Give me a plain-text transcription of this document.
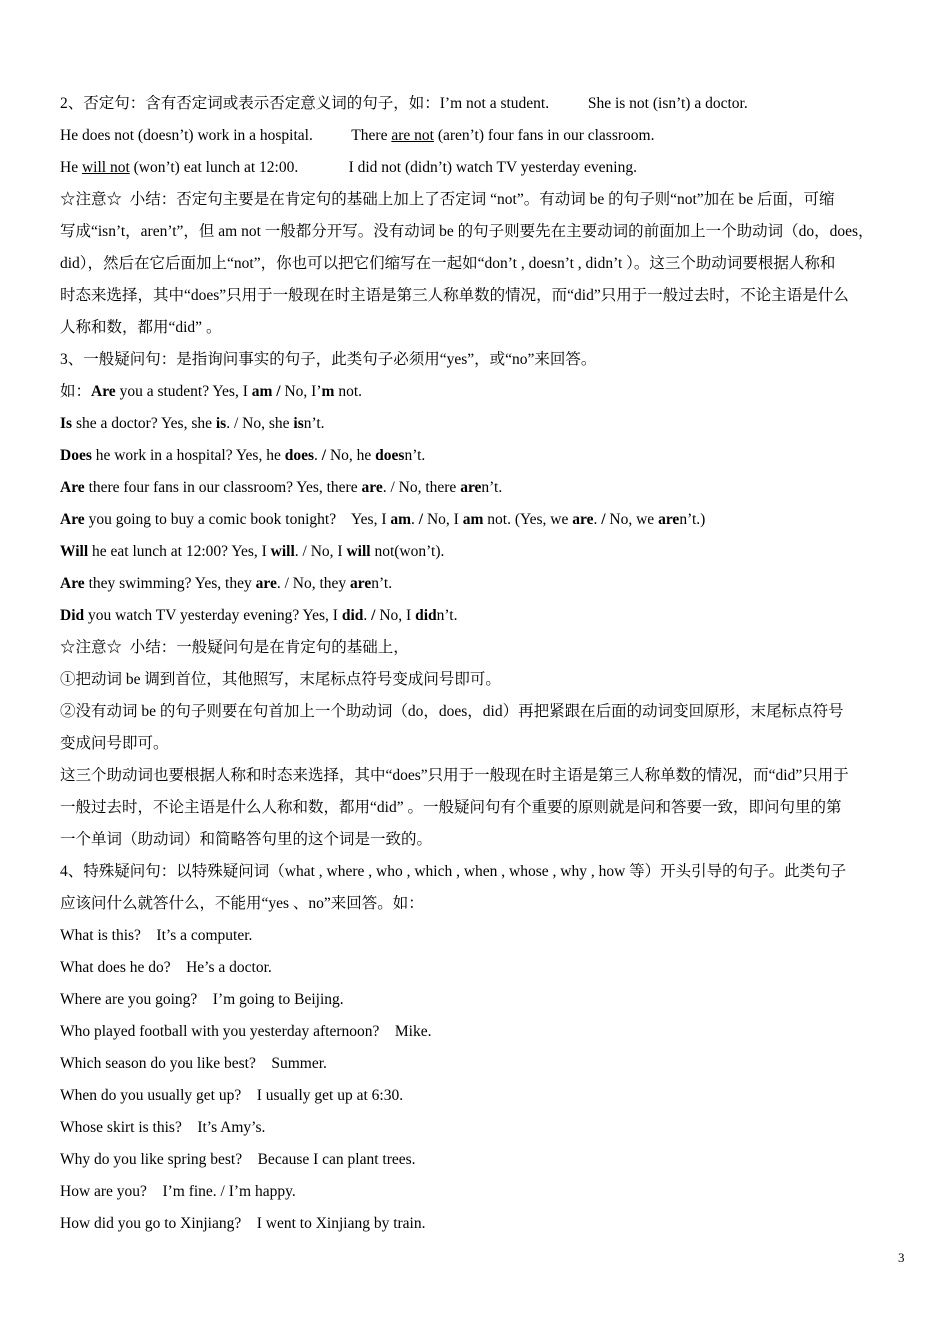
2、否定句：含有否定词或表示否定意义词的句子，如：I’m not a student.          She is not (isn’t) a doctor.

He does not (doesn’t) work in a hospital.          There are not (aren’t) four fans in our classroom.

He will not (won’t) eat lunch at 12:00.             I did not (didn’t) watch TV yesterday evening.

☆注意☆  小结：否定句主要是在肯定句的基础上加上了否定词 “not”。有动词 be 的句子则“not”加在 be 后面，可缩

写成“isn’t，aren’t”，但 am not 一般都分开写。没有动词 be 的句子则要先在主要动词的前面加上一个助动词（do，does，

did），然后在它后面加上“not”，你也可以把它们缩写在一起如“don’t , doesn’t , didn’t ）。这三个助动词要根据人称和

时态来选择，其中“does”只用于一般现在时主语是第三人称单数的情况，而“did”只用于一般过去时，不论主语是什么

人称和数，都用“did” 。

3、一般疑问句：是指询问事实的句子，此类句子必须用“yes”，或“no”来回答。

如：Are you a student? Yes, I am / No, I’m not.

Is she a doctor? Yes, she is. / No, she isn’t.

Does he work in a hospital? Yes, he does. / No, he doesn’t.

Are there four fans in our classroom? Yes, there are. / No, there aren’t.

Are you going to buy a comic book tonight?    Yes, I am. / No, I am not. (Yes, we are. / No, we aren’t.)

Will he eat lunch at 12:00? Yes, I will. / No, I will not(won’t).

Are they swimming? Yes, they are. / No, they aren’t.

Did you watch TV yesterday evening? Yes, I did. / No, I didn’t.

☆注意☆  小结：一般疑问句是在肯定句的基础上，

①把动词 be 调到首位，其他照写，末尾标点符号变成问号即可。

②没有动词 be 的句子则要在句首加上一个助动词（do，does，did）再把紧跟在后面的动词变回原形，末尾标点符号

变成问号即可。

这三个助动词也要根据人称和时态来选择，其中“does”只用于一般现在时主语是第三人称单数的情况，而“did”只用于

一般过去时，不论主语是什么人称和数，都用“did” 。一般疑问句有个重要的原则就是问和答要一致，即问句里的第

一个单词（助动词）和简略答句里的这个词是一致的。

4、特殊疑问句：以特殊疑问词（what , where , who , which , when , whose , why , how 等）开头引导的句子。此类句子

应该问什么就答什么，不能用“yes 、no”来回答。如：

What is this?    It’s a computer.

What does he do?    He’s a doctor.

Where are you going?    I’m going to Beijing.

Who played football with you yesterday afternoon?    Mike.

Which season do you like best?    Summer.

When do you usually get up?    I usually get up at 6:30.

Whose skirt is this?    It’s Amy’s.

Why do you like spring best?    Because I can plant trees.

How are you?    I’m fine. / I’m happy.

How did you go to Xinjiang?    I went to Xinjiang by train.

3
